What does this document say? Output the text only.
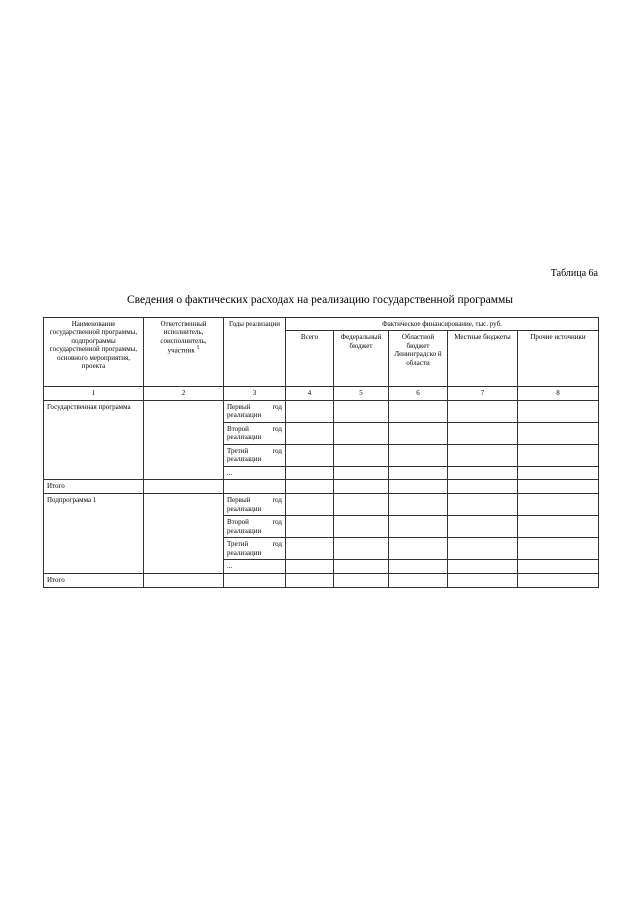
Таблица 6а
Сведения о фактических расходах на реализацию государственной программы
Наименование государственной программы, подпрограммы государственной программы, основного мероприятия, проекта	Ответственный исполнитель, соисполнитель, участник $^1$	Годы реализации	Фактическое финансирование, тыс. руб.				
			Всего	Федеральный бюджет	Областной бюджет Ленинградско й области	Местные бюджеты	Прочие источники
1	2	3	4	5	6	7	8
Государственная программа		Первый год
реализации					

		Второй год
реализации					

		Третий год
реализации					

		...					
Итого							
Подпрограмма 1		Первый год
реализации					

		Второй год
реализации					

		Третий год
реализации					

		...					
Итого							
